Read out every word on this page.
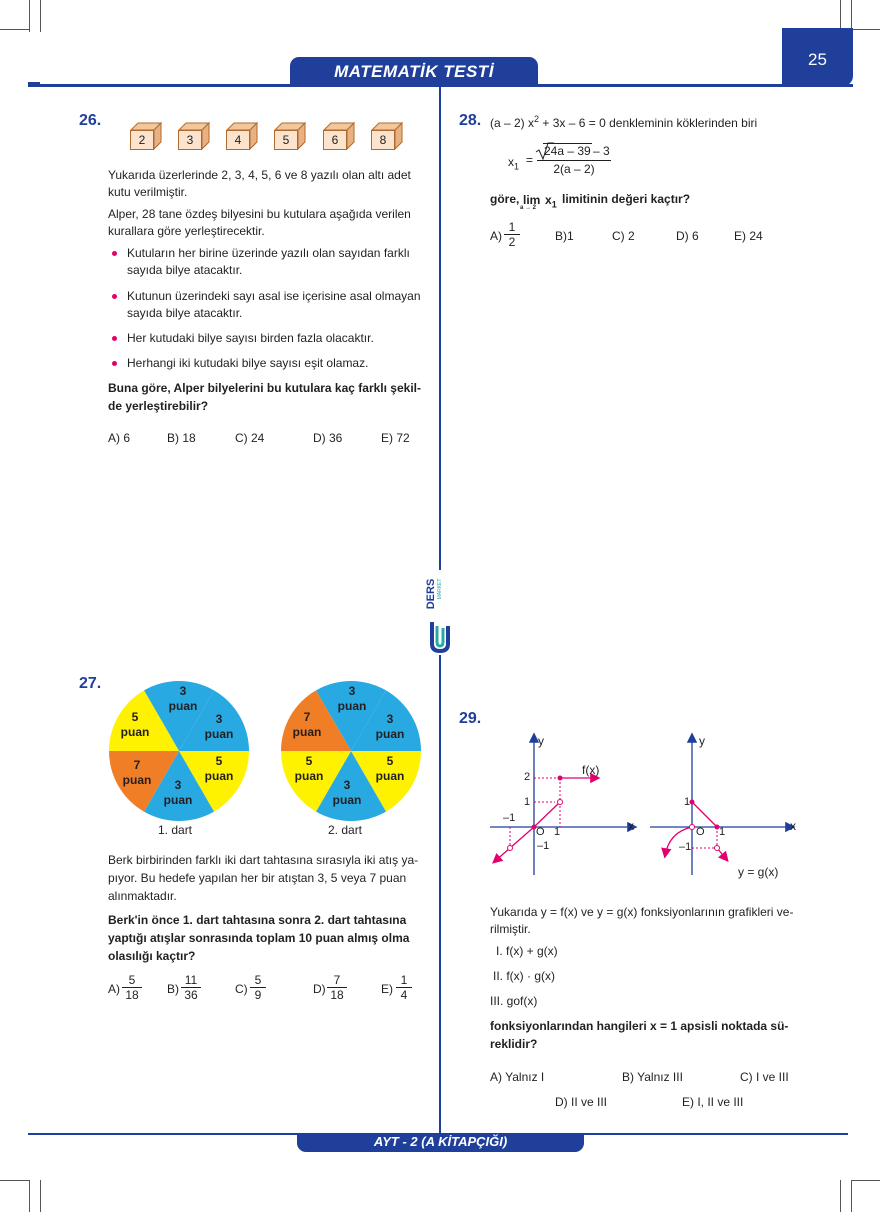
MATEMATİK TESTİ
25
DERS MARKET
26.
2	3	4	5	6	8
Yukarıda üzerlerinde 2, 3, 4, 5, 6 ve 8 yazılı olan altı adet
kutu verilmiştir.
Alper, 28 tane özdeş bilyesini bu kutulara aşağıda verilen
kurallara göre yerleştirecektir.
Kutuların her birine üzerinde yazılı olan sayıdan farklı
sayıda bilye atacaktır.
Kutunun üzerindeki sayı asal ise içerisine asal olmayan
sayıda bilye atacaktır.
Her kutudaki bilye sayısı birden fazla olacaktır.
Herhangi iki kutudaki bilye sayısı eşit olamaz.
Buna göre, Alper bilyelerini bu kutulara kaç farklı şekil-
de yerleştirebilir?
A) 6	B) 18	C) 24	D) 36	E) 72
27.	3
puan
3
puan
5
puan
3
puan
7
puan
5
puan
1. dart
3
puan
3
puan
5
puan
3
puan
5
puan
7
puan
2. dart
Berk birbirinden farklı iki dart tahtasına sırasıyla iki atış ya-
pıyor. Bu hedefe yapılan her bir atıştan 3, 5 veya 7 puan
alınmaktadır.
Berk'in önce 1. dart tahtasına sonra 2. dart tahtasına
yaptığı atışlar sonrasında toplam 10 puan almış olma
olasılığı kaçtır?
$A) \frac{5}{18} B) \frac{11}{36}$	$C) \frac{5}{9}$	$D) \frac{7}{18}$	$E) \frac{1}{4}$
28. (a – 2) $x^2 + 3x - 6 = 0$ denkleminin köklerinden biri
$x_1$ =
24a – 39 – 3
2(a – 2)
göre, lim
a → 2
$x_1$ limitinin değeri kaçtır?
$A) \frac{1}{2}$	B)1	C) 2	D) 6	E) 24
29.
y
x
f(x)
2
1
–1
O 1
–1
y
x
1
O 1
–1
y = g(x)
Yukarıda y = f(x) ve y = g(x) fonksiyonlarının grafikleri ve-
rilmiştir.
I. f(x) + g(x)
II. f(x) · g(x)
III. gof(x)
fonksiyonlarından hangileri x = 1 apsisli noktada sü-
reklidir?
A) Yalnız I	B) Yalnız III	C) I ve III
D) II ve III	E) I, II ve III
AYT - 2 (A KİTAPÇIĞI)
